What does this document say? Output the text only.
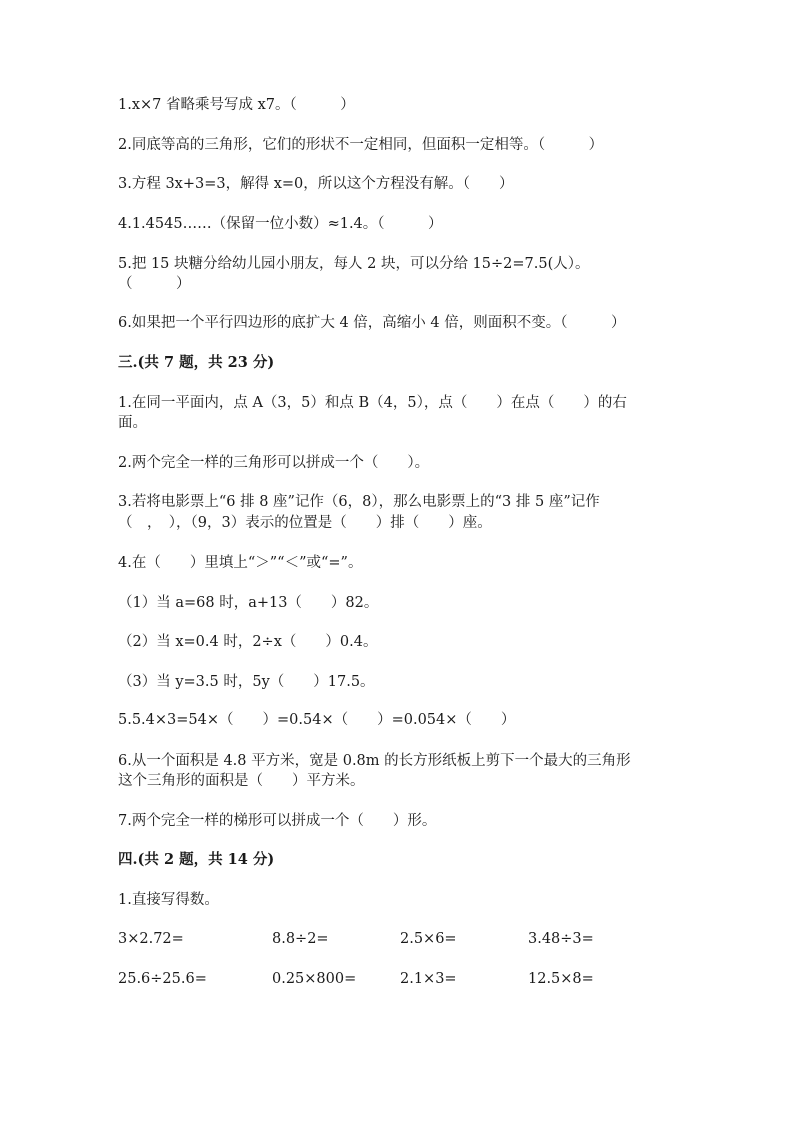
1.x×7 省略乘号写成 x7。（　　　）
2.同底等高的三角形，它们的形状不一定相同，但面积一定相等。（　　　）
3.方程 3x+3=3，解得 x=0，所以这个方程没有解。（　　）
4.1.4545……（保留一位小数）≈1.4。（　　　）
5.把 15 块糖分给幼儿园小朋友，每人 2 块，可以分给 15÷2=7.5(人）。
（　　　）
6.如果把一个平行四边形的底扩大 4 倍，高缩小 4 倍，则面积不变。（　　　）
三.(共 7 题，共 23 分)
1.在同一平面内，点 A（3，5）和点 B（4，5），点（　　）在点（　　）的右
面。
2.两个完全一样的三角形可以拼成一个（　　）。
3.若将电影票上“6 排 8 座”记作（6，8），那么电影票上的“3 排 5 座”记作
（　，　），（9，3）表示的位置是（　　）排（　　）座。
4.在（　　）里填上“＞”“＜”或“=”。
（1）当 a=68 时，a+13（　　）82。
（2）当 x=0.4 时，2÷x（　　）0.4。
（3）当 y=3.5 时，5y（　　）17.5。
5.5.4×3=54×（　　）=0.54×（　　）=0.054×（　　）
6.从一个面积是 4.8 平方米，宽是 0.8m 的长方形纸板上剪下一个最大的三角形
这个三角形的面积是（　　）平方米。
7.两个完全一样的梯形可以拼成一个（　　）形。
四.(共 2 题，共 14 分)
1.直接写得数。
3×2.72=	8.8÷2=	2.5×6=	3.48÷3=
25.6÷25.6=	0.25×800=	2.1×3=	12.5×8=
